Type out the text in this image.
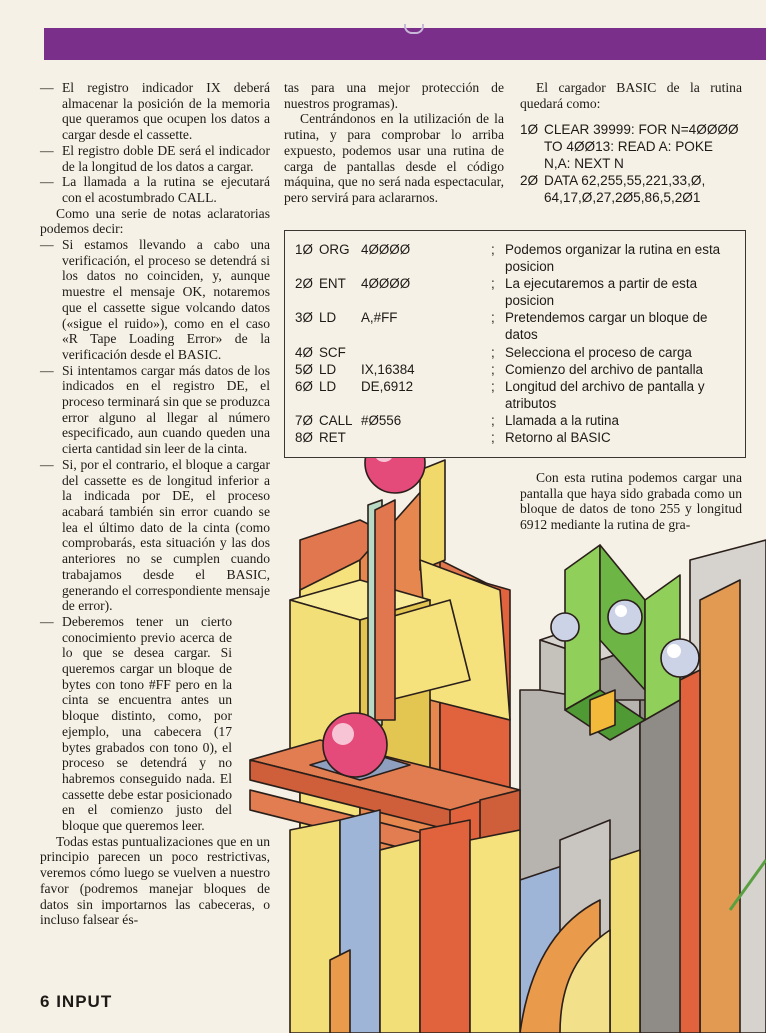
— El registro indicador IX deberá almacenar la posición de la memoria que queramos que ocupen los datos a cargar desde el cassette.

— El registro doble DE será el indicador de la longitud de los datos a cargar.

— La llamada a la rutina se ejecutará con el acostumbrado CALL.

Como una serie de notas aclaratorias podemos decir:

— Si estamos llevando a cabo una verificación, el proceso se detendrá si los datos no coinciden, y, aunque muestre el mensaje OK, notaremos que el cassette sigue volcando datos («sigue el ruido»), como en el caso «R Tape Loading Error» de la verificación desde el BASIC.

— Si intentamos cargar más datos de los indicados en el registro DE, el proceso terminará sin que se produzca error alguno al llegar al número especificado, aun cuando queden una cierta cantidad sin leer de la cinta.

— Si, por el contrario, el bloque a cargar del cassette es de longitud inferior a la indicada por DE, el proceso acabará también sin error cuando se lea el último dato de la cinta (como comprobarás, esta situación y las dos anteriores no se cumplen cuando trabajamos desde el BASIC, generando el correspondiente mensaje de error).

— Deberemos tener un cierto conocimiento previo acerca de lo que se desea cargar. Si queremos cargar un bloque de bytes con tono #FF pero en la cinta se encuentra antes un bloque distinto, como, por ejemplo, una cabecera (17 bytes grabados con tono 0), el proceso se detendrá y no habremos conseguido nada. El cassette debe estar posicionado en el comienzo justo del bloque que queremos leer.

Todas estas puntualizaciones que en un principio parecen un poco restrictivas, veremos cómo luego se vuelven a nuestro favor (podremos manejar bloques de datos sin importarnos las cabeceras, o incluso falsear és-

tas para una mejor protección de nuestros programas).

Centrándonos en la utilización de la rutina, y para comprobar lo arriba expuesto, podemos usar una rutina de carga de pantallas desde el código máquina, que no será nada espectacular, pero servirá para aclararnos.

El cargador BASIC de la rutina quedará como:

1Ø CLEAR 39999: FOR N=4ØØØØ TO 4ØØ13: READ A: POKE N,A: NEXT N
2Ø DATA 62,255,55,221,33,Ø, 64,17,Ø,27,2Ø5,86,5,2Ø1
1Ø ORG 4ØØØØ	; Podemos organizar la rutina en esta posicion
2Ø ENT 4ØØØØ	; La ejecutaremos a partir de esta posicion
3Ø LD A,#FF	; Pretendemos cargar un bloque de datos
4Ø SCF	; Selecciona el proceso de carga
5Ø LD IX,16384	; Comienzo del archivo de pantalla
6Ø LD DE,6912	; Longitud del archivo de pantalla y atributos
7Ø CALL #Ø556	; Llamada a la rutina
8Ø RET	; Retorno al BASIC

Con esta rutina podemos cargar una pantalla que haya sido grabada como un bloque de datos de tono 255 y longitud 6912 mediante la rutina de gra-

6 INPUT
